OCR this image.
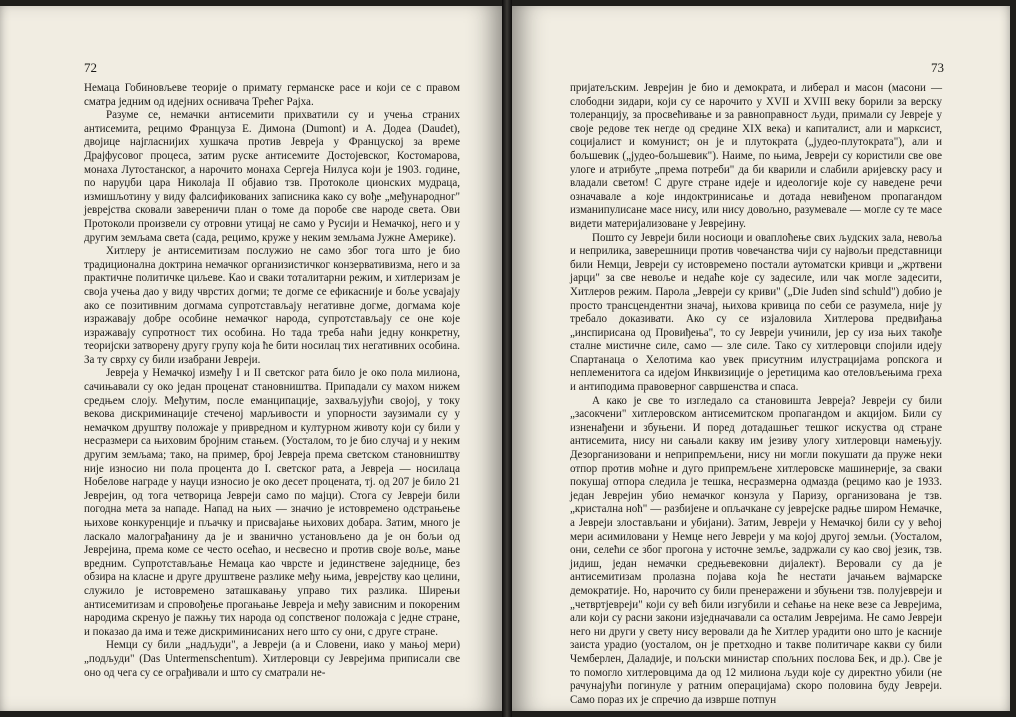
72

Немаца Гобиновљеве теорије о примату германске расе и који се с правом сматра једним од идејних оснивача Трећег Рајха.

Разуме се, немачки антисемити прихватили су и учења страних антисемита, рецимо Француза Е. Димона (Dumont) и А. Додеа (Daudet), двојице најгласнијих хушкача против Јевреја у Француској за време Драјфусовог процеса, затим руске антисемите Достојевског, Костомарова, монаха Лутостанског, а нарочито монаха Сергеја Нилуса који је 1903. године, по наруџби цара Николаја II објавио тзв. Протоколе ционских мудраца, измишљотину у виду фалсификованих записника како су вође „међународног" јеврејства сковали завереничи план о томе да поробе све народе света. Ови Протоколи произвели су отровни утицај не само у Русији и Немачкој, него и у другим земљама света (сада, рецимо, круже у неким земљама Јужне Америке).

Хитлеру је антисемитизам послужио не само због тога што је био традиционална доктрина немачког организистичког конзервативизма, него и за практичне политичке циљеве. Као и сваки тоталитарни режим, и хитлеризам је своја учења дао у виду чврстих догми; те догме се ефикасније и боље усвајају ако се позитивним догмама супротстављају негативне догме, догмама које изражавају добре особине немачког народа, супротстављају се оне које изражавају супротност тих особина. Но тада треба наћи једну конкретну, теоријски затворену другу групу која ће бити носилац тих негативних особина. За ту сврху су били изабрани Јевреји.

Јевреја у Немачкој између I и II светског рата било је око пола милиона, сачињавали су око један проценат становништва. Припадали су махом нижем средњем слоју. Међутим, после еманципације, захваљујући својој, у току векова дискриминације стеченој марљивости и упорности заузимали су у немачком друштву положаје у привредном и културном животу који су били у несразмери са њиховим бројним стањем. (Уосталом, то је био случај и у неким другим земљама; тако, на пример, број Јевреја према светском становништву није износио ни пола процента до I. светског рата, а Јевреја — носилаца Нобелове награде у науци износио је око десет процената, тј. од 207 је било 21 Јеврејин, од тога четворица Јевреји само по мајци). Стога су Јевреји били погодна мета за нападе. Напад на њих — значио је истовремено одстрањење њихове конкуренције и пљачку и присвајање њихових добара. Затим, много је ласкало малограђанину да је и званично установљено да је он бољи од Јеврејина, према коме се често осећао, и несвесно и против своје воље, мање вредним. Супротстављање Немаца као чврсте и јединствене заједнице, без обзира на класне и друге друштвене разлике међу њима, јеврејству као целини, служило је истовремено заташкавању управо тих разлика. Ширењи антисемитизам и спровођење прогањање Јевреја и међу зависним и покореним народима скренуо је пажњу тих народа од сопственог положаја с једне стране, и показао да има и теже дискриминисаних него што су они, с друге стране.

Немци су били „надљуди", а Јевреји (а и Словени, иако у мањој мери) „подљуди" (Das Untermenschentum). Хитлеровци су Јеврејима приписали све оно од чега су се ограђивали и што су сматрали не-

73

пријатељским. Јеврејин је био и демократа, и либерал и масон (масони — слободни зидари, који су се нарочито у XVII и XVIII веку борили за верску толеранцију, за просвећивање и за равноправност људи, примали су Јевреје у своје редове тек негде од средине XIX века) и капиталист, али и марксист, социјалист и комунист; он је и плутократа („јудео-плутократа"), али и бољшевик („јудео-бољшевик"). Наиме, по њима, Јевреји су користили све ове улоге и атрибуте „према потреби" да би кварили и слабили аријевску расу и владали светом! С друге стране идеје и идеологије које су наведене речи означавале а које индоктринисање и дотада невиђеном пропагандом изманипулисане масе нису, или нису довољно, разумевале — могле су те масе видети материјализоване у Јеврејину.

Пошто су Јевреји били носиоци и оваплоћење свих људских зала, невоља и неприлика, заверешници против човечанства чији су највољи представници били Немци, Јевреји су истовремено постали аутоматски кривци и „жртвени јарци" за све невоље и недаће које су задесиле, или чак могле задесити, Хитлеров режим. Парола „Јевреји су криви" („Die Juden sind schuld") добио је просто трансцендентни значај, њихова кривица по себи се разумела, није ју требало доказивати. Ако су се изјаловила Хитлерова предвиђања „инспирисана од Провиђења", то су Јевреји учинили, јер су иза њих такође сталне мистичне силе, само — зле силе. Тако су хитлеровци спојили идеју Спартанаца о Хелотима као увек присутним илустрацијама ропскога и неплеменитога са идејом Инквизиције о јеретицима као отеловљењима греха и антиподима правоверног савршенства и спаса.

А како је све то изгледало са становишта Јевреја? Јевреји су били „засокчени" хитлеровском антисемитском пропагандом и акцијом. Били су изненађени и збуњени. И поред дотадашњег тешког искуства од стране антисемита, нису ни сањали какву им језиву улогу хитлеровци намењују. Дезорганизовани и неприпремљени, нису ни могли покушати да пруже неки отпор против моћне и дуго припремљене хитлеровске машинерије, за сваки покушај отпора следила је тешка, несразмерна одмазда (рецимо као је 1933. један Јеврејин убио немачког конзула у Паризу, организована је тзв. „кристална ноћ" — разбијене и опљачкане су јеврејске радње широм Немачке, а Јевреји злостављани и убијани). Затим, Јевреји у Немачкој били су у већој мери асимиловани у Немце него Јевреји у ма којој другој земљи. (Уосталом, они, селећи се због прогона у источне земље, задржали су као свој језик, тзв. јидиш, један немачки средњевековни дијалект). Веровали су да је антисемитизам пролазна појава која ће нестати јачањем вајмарске демократије. Но, нарочито су били пренеражени и збуњени тзв. полујевреји и „четвртјевреји" који су већ били изгубили и сећање на неке везе са Јеврејима, али који су расни закони изједначавали са осталим Јеврејима. Не само Јевреји него ни други у свету нису веровали да ће Хитлер урадити оно што је касније заиста урадио (уосталом, он је претходно и такве политичаре какви су били Чемберлен, Даладије, и пољски министар спољних послова Бек, и др.). Све је то помогло хитлеровцима да од 12 милиона људи које су директно убили (не рачунајући погинуле у ратним операцијама) скоро половина буду Јевреји. Само пораз их је спречио да изврше потпун
